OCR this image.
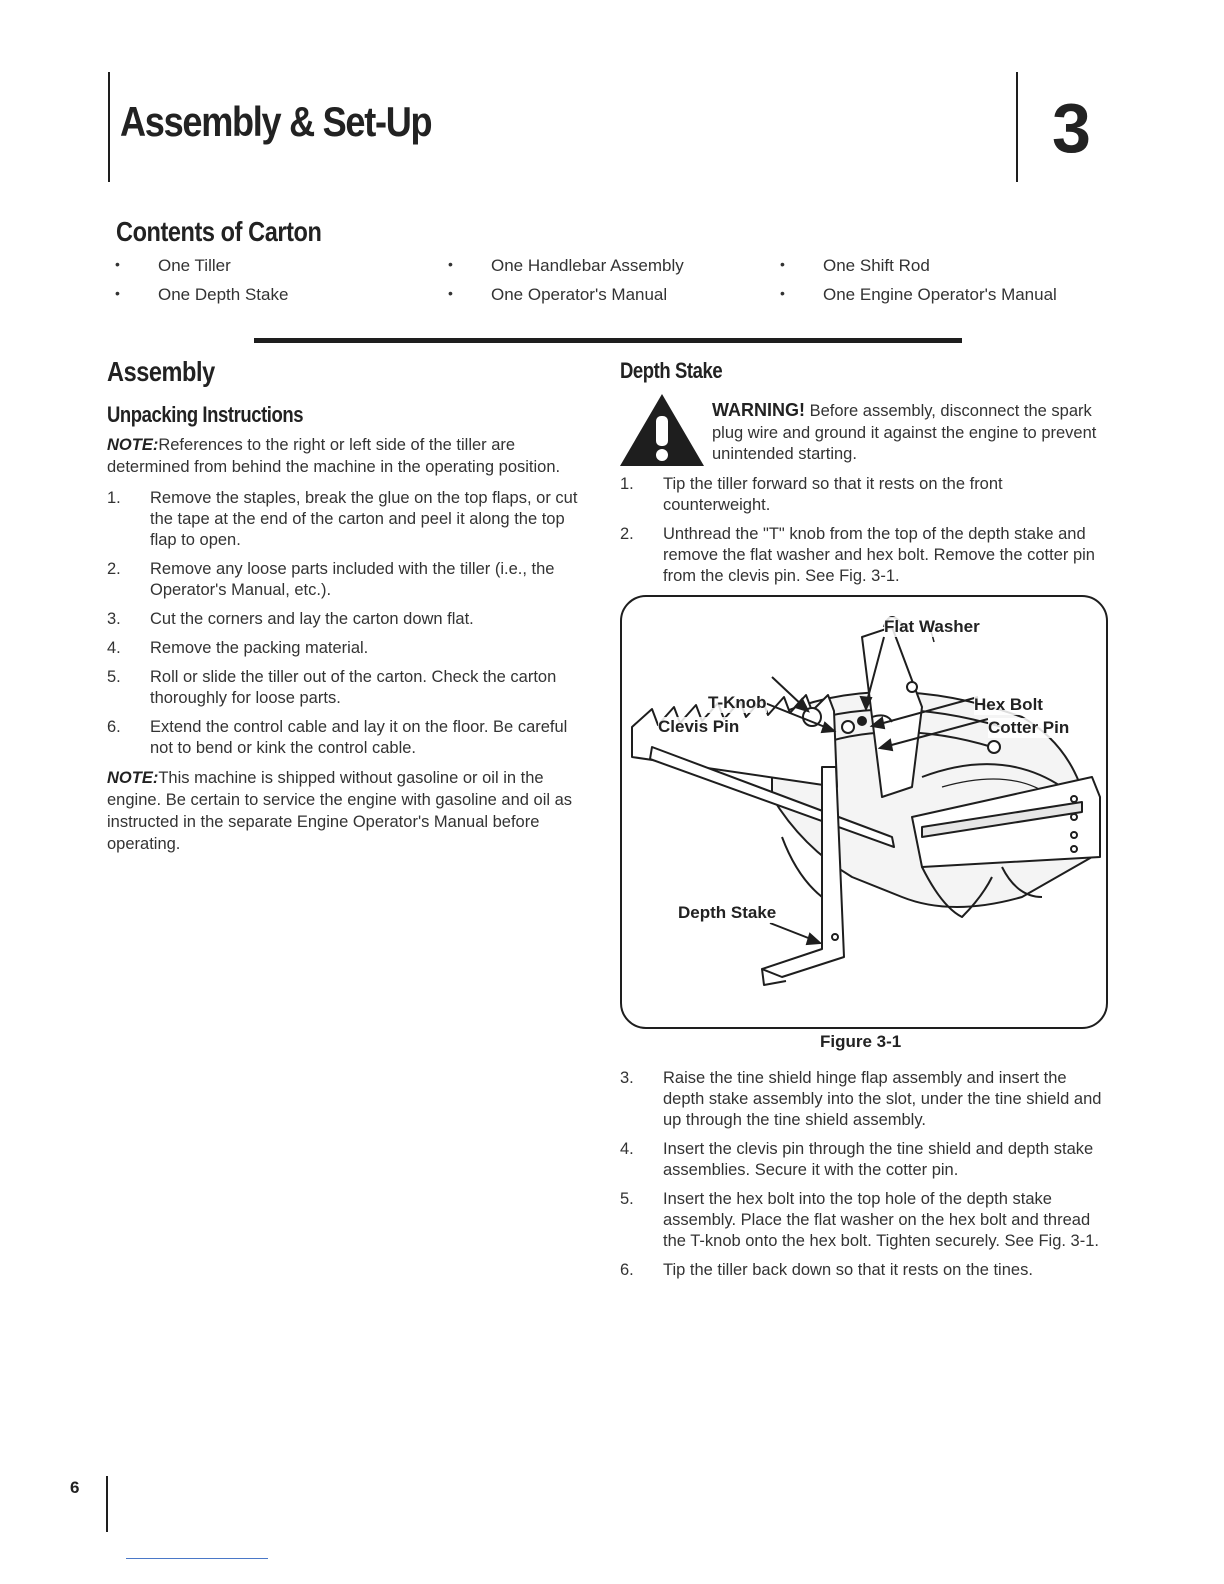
Assembly & Set-Up	3
Contents of Carton
• One Tiller
• One Depth Stake
• One Handlebar Assembly
• One Operator's Manual
• One Shift Rod
• One Engine Operator's Manual
Assembly
Unpacking Instructions

NOTE:References to the right or left side of the tiller are determined from behind the machine in the operating position.

1. Remove the staples, break the glue on the top flaps, or cut the tape at the end of the carton and peel it along the top flap to open.
2. Remove any loose parts included with the tiller (i.e., the Operator's Manual, etc.).
3. Cut the corners and lay the carton down flat.
4. Remove the packing material.
5. Roll or slide the tiller out of the carton. Check the carton thoroughly for loose parts.
6. Extend the control cable and lay it on the floor. Be careful not to bend or kink the control cable.

NOTE:This machine is shipped without gasoline or oil in the engine. Be certain to service the engine with gasoline and oil as instructed in the separate Engine Operator's Manual before operating.

Depth Stake

WARNING! Before assembly, disconnect the spark plug wire and ground it against the engine to prevent unintended starting.

1. Tip the tiller forward so that it rests on the front counterweight.
2. Unthread the "T" knob from the top of the depth stake and remove the flat washer and hex bolt. Remove the cotter pin from the clevis pin. See Fig. 3-1.
Flat Washer
T-Knob
Clevis Pin
Hex Bolt
Cotter Pin
Depth Stake
Figure 3-1
3. Raise the tine shield hinge flap assembly and insert the depth stake assembly into the slot, under the tine shield and up through the tine shield assembly.
4. Insert the clevis pin through the tine shield and depth stake assemblies. Secure it with the cotter pin.
5. Insert the hex bolt into the top hole of the depth stake assembly. Place the flat washer on the hex bolt and thread the T-knob onto the hex bolt. Tighten securely. See Fig. 3-1.
6. Tip the tiller back down so that it rests on the tines.
6
